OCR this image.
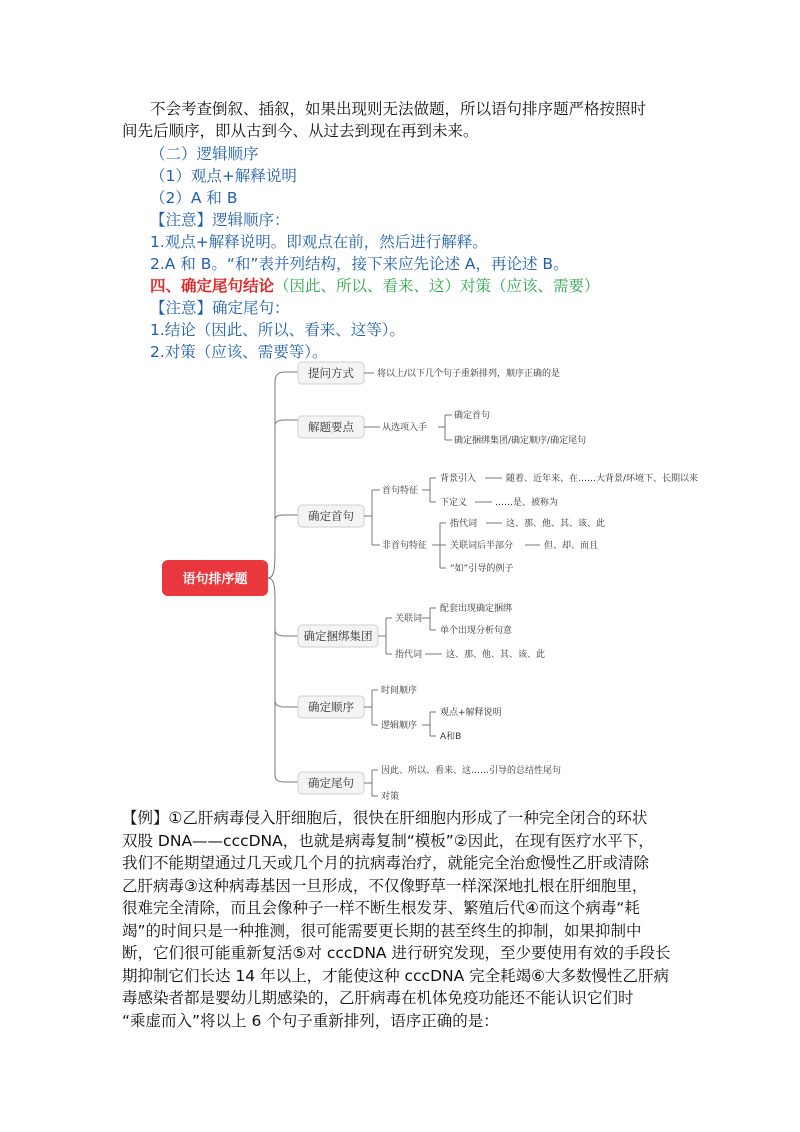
不会考查倒叙、插叙，如果出现则无法做题，所以语句排序题严格按照时
间先后顺序，即从古到今、从过去到现在再到未来。
（二）逻辑顺序
（1）观点+解释说明
（2）A 和 B
【注意】逻辑顺序：
1.观点+解释说明。即观点在前，然后进行解释。
2.A 和 B。“和”表并列结构，接下来应先论述 A，再论述 B。
四、确定尾句结论（因此、所以、看来、这）对策（应该、需要）
【注意】确定尾句：
1.结论（因此、所以、看来、这等）。
2.对策（应该、需要等）。
语句排序题
提问方式	将以上/以下几个句子重新排列，顺序正确的是
解题要点	从选项入手
确定首句
确定捆绑集团/确定顺序/确定尾句
确定首句
首句特征
背景引入	随着、近年来、在……大背景/环境下、长期以来
下定义	……是、被称为
非首句特征
指代词	这、那、他、其、该、此
关联词后半部分	但、却、而且
“如”引导的例子
确定捆绑集团
关联词
配套出现确定捆绑
单个出现分析句意
指代词	这、那、他、其、该、此
确定顺序
时间顺序
逻辑顺序
观点+解释说明
A和B
确定尾句
因此、所以、看来、这……引导的总结性尾句
对策
【例】①乙肝病毒侵入肝细胞后，很快在肝细胞内形成了一种完全闭合的环状
双股 DNA——cccDNA，也就是病毒复制“模板”②因此，在现有医疗水平下，
我们不能期望通过几天或几个月的抗病毒治疗，就能完全治愈慢性乙肝或清除
乙肝病毒③这种病毒基因一旦形成，不仅像野草一样深深地扎根在肝细胞里，
很难完全清除，而且会像种子一样不断生根发芽、繁殖后代④而这个病毒“耗
竭”的时间只是一种推测，很可能需要更长期的甚至终生的抑制，如果抑制中
断，它们很可能重新复活⑤对 cccDNA 进行研究发现，至少要使用有效的手段长
期抑制它们长达 14 年以上，才能使这种 cccDNA 完全耗竭⑥大多数慢性乙肝病
毒感染者都是婴幼儿期感染的，乙肝病毒在机体免疫功能还不能认识它们时
“乘虚而入”将以上 6 个句子重新排列，语序正确的是：
